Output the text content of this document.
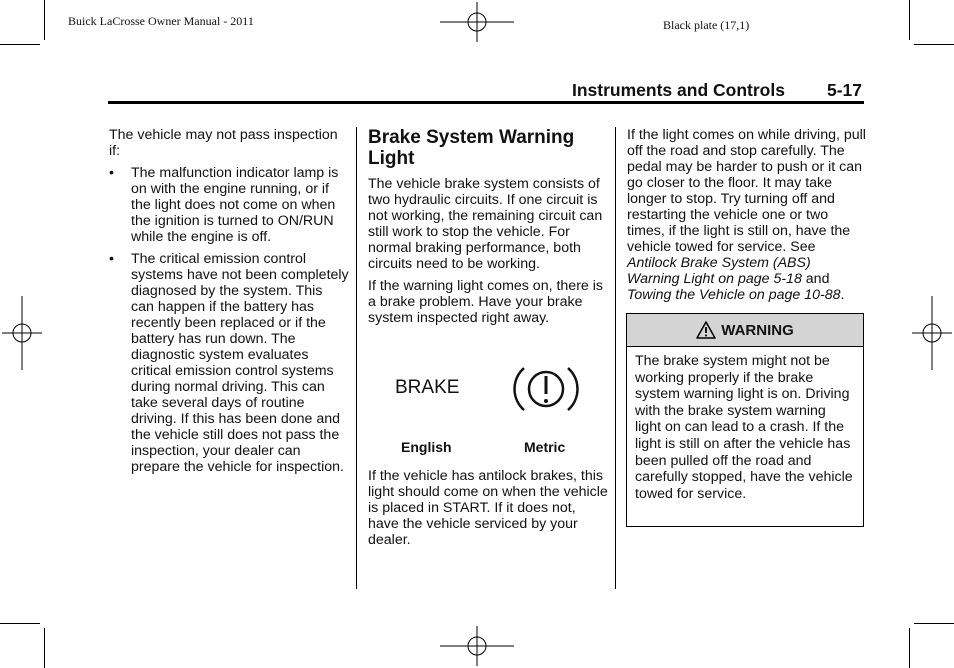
Buick LaCrosse Owner Manual - 2011	Black plate (17,1)
Instruments and Controls 5-17

The vehicle may not pass inspection if:

• The malfunction indicator lamp is on with the engine running, or if the light does not come on when the ignition is turned to ON/RUN while the engine is off.
• The critical emission control systems have not been completely diagnosed by the system. This can happen if the battery has recently been replaced or if the battery has run down. The diagnostic system evaluates critical emission control systems during normal driving. This can take several days of routine driving. If this has been done and the vehicle still does not pass the inspection, your dealer can prepare the vehicle for inspection.
Brake System Warning Light

The vehicle brake system consists of two hydraulic circuits. If one circuit is not working, the remaining circuit can still work to stop the vehicle. For normal braking performance, both circuits need to be working.

If the warning light comes on, there is a brake problem. Have your brake system inspected right away.

BRAKE
English	Metric

If the vehicle has antilock brakes, this light should come on when the vehicle is placed in START. If it does not, have the vehicle serviced by your dealer.

If the light comes on while driving, pull off the road and stop carefully. The pedal may be harder to push or it can go closer to the floor. It may take longer to stop. Try turning off and restarting the vehicle one or two times, if the light is still on, have the vehicle towed for service. See Antilock Brake System (ABS) Warning Light on page 5‑18 and Towing the Vehicle on page 10‑88.

WARNING
The brake system might not be working properly if the brake system warning light is on. Driving with the brake system warning light on can lead to a crash. If the light is still on after the vehicle has been pulled off the road and carefully stopped, have the vehicle towed for service.
